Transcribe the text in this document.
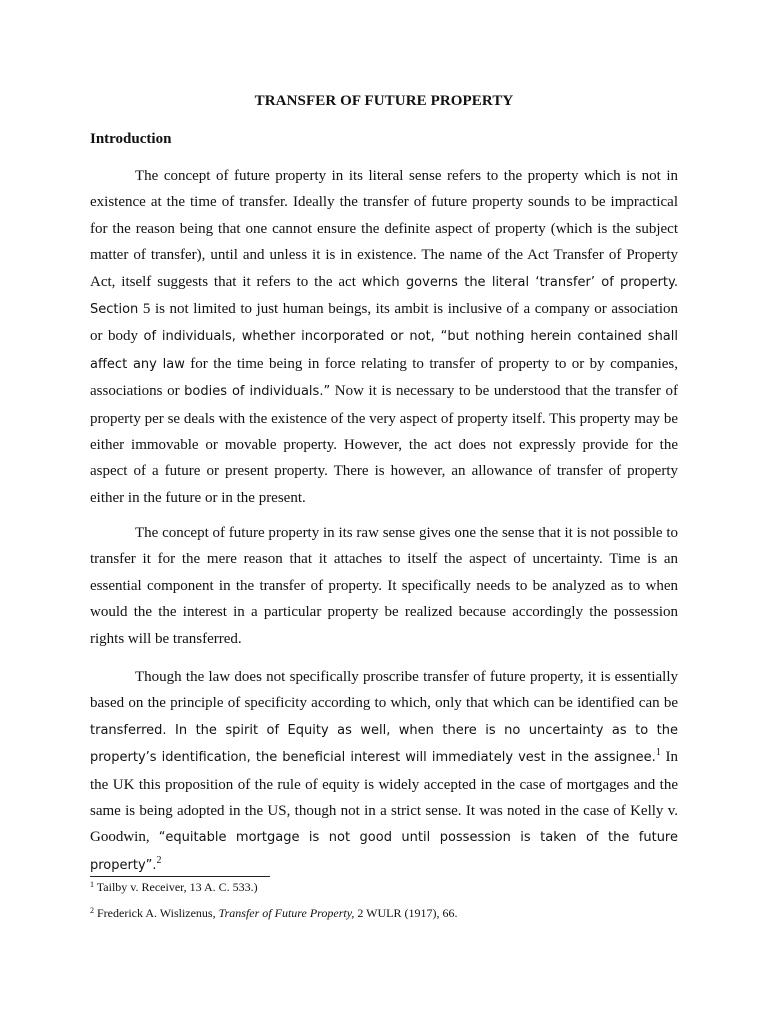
TRANSFER OF FUTURE PROPERTY
Introduction

The concept of future property in its literal sense refers to the property which is not in existence at the time of transfer. Ideally the transfer of future property sounds to be impractical for the reason being that one cannot ensure the definite aspect of property (which is the subject matter of transfer), until and unless it is in existence. The name of the Act Transfer of Property Act, itself suggests that it refers to the act which governs the literal ‘transfer’ of property. Section 5 is not limited to just human beings, its ambit is inclusive of a company or association or body of individuals, whether incorporated or not, “but nothing herein contained shall affect any law for the time being in force relating to transfer of property to or by companies, associations or bodies of individuals.” Now it is necessary to be understood that the transfer of property per se deals with the existence of the very aspect of property itself. This property may be either immovable or movable property. However, the act does not expressly provide for the aspect of a future or present property. There is however, an allowance of transfer of property either in the future or in the present.

The concept of future property in its raw sense gives one the sense that it is not possible to transfer it for the mere reason that it attaches to itself the aspect of uncertainty. Time is an essential component in the transfer of property. It specifically needs to be analyzed as to when would the the interest in a particular property be realized because accordingly the possession rights will be transferred.

Though the law does not specifically proscribe transfer of future property, it is essentially based on the principle of specificity according to which, only that which can be identified can be transferred. In the spirit of Equity as well, when there is no uncertainty as to the property’s identification, the beneficial interest will immediately vest in the assignee.$^1$ In the UK this proposition of the rule of equity is widely accepted in the case of mortgages and the same is being adopted in the US, though not in a strict sense. It was noted in the case of Kelly v. Goodwin, “equitable mortgage is not good until possession is taken of the future property”.$^2$

$^1$ Tailby v. Receiver, 13 A. C. 533.)
$^2$ Frederick A. Wislizenus, Transfer of Future Property, 2 WULR (1917), 66.
